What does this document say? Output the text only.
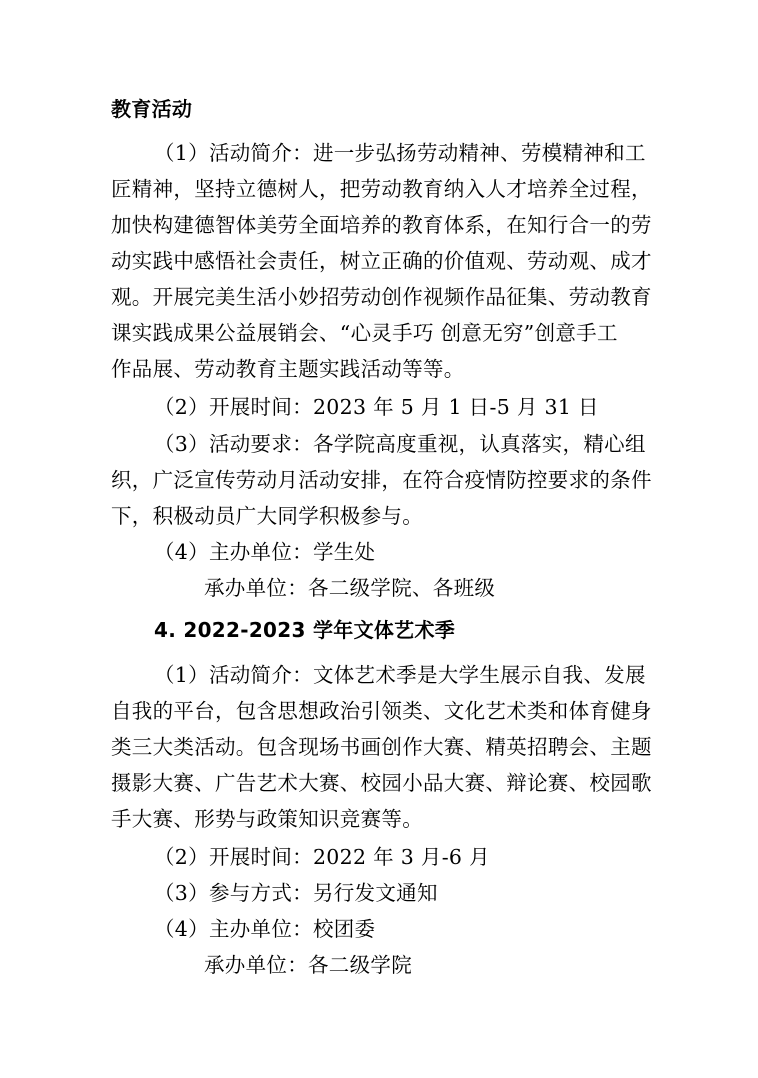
教育活动
（1）活动简介：进一步弘扬劳动精神、劳模精神和工
匠精神，坚持立德树人，把劳动教育纳入人才培养全过程，
加快构建德智体美劳全面培养的教育体系，在知行合一的劳
动实践中感悟社会责任，树立正确的价值观、劳动观、成才
观。开展完美生活小妙招劳动创作视频作品征集、劳动教育
课实践成果公益展销会、“心灵手巧 创意无穷”创意手工
作品展、劳动教育主题实践活动等等。
（2）开展时间：2023 年 5 月 1 日-5 月 31 日
（3）活动要求：各学院高度重视，认真落实，精心组
织，广泛宣传劳动月活动安排，在符合疫情防控要求的条件
下，积极动员广大同学积极参与。
（4）主办单位：学生处
承办单位：各二级学院、各班级
4. 2022-2023 学年文体艺术季
（1）活动简介：文体艺术季是大学生展示自我、发展
自我的平台，包含思想政治引领类、文化艺术类和体育健身
类三大类活动。包含现场书画创作大赛、精英招聘会、主题
摄影大赛、广告艺术大赛、校园小品大赛、辩论赛、校园歌
手大赛、形势与政策知识竞赛等。
（2）开展时间：2022 年 3 月-6 月
（3）参与方式：另行发文通知
（4）主办单位：校团委
承办单位：各二级学院
